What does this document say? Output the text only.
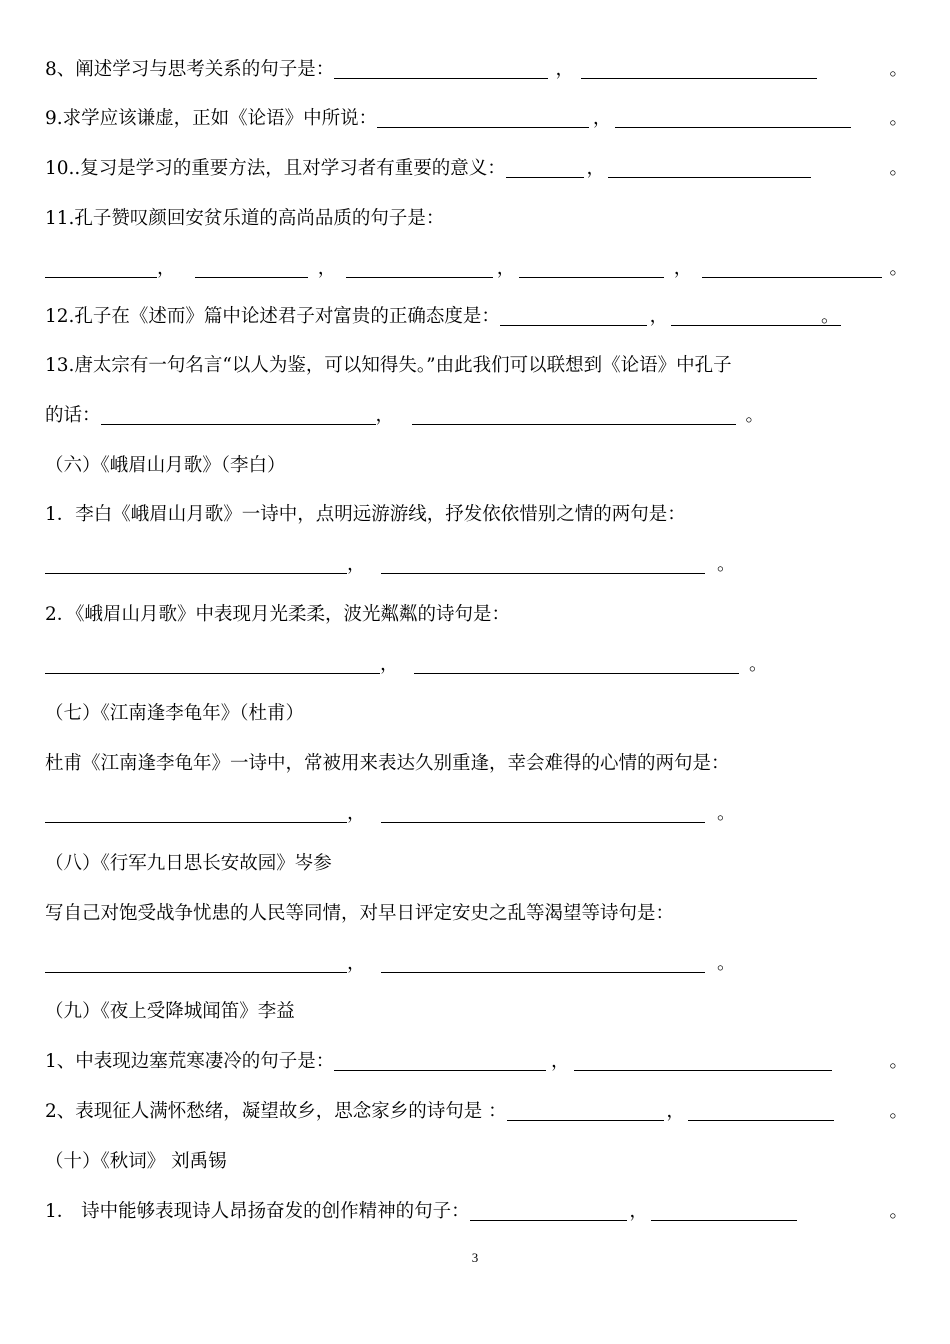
8、阐述学习与思考关系的句子是：	，	。
9.求学应该谦虚，正如《论语》中所说：	，	。
10..复习是学习的重要方法，且对学习者有重要的意义：	，	。
11.孔子赞叹颜回安贫乐道的高尚品质的句子是：
，	，	，	，	。
12.孔子在《述而》篇中论述君子对富贵的正确态度是：	，	。
13.唐太宗有一句名言“以人为鉴，可以知得失。”由此我们可以联想到《论语》中孔子
的话：	，	。
（六）《峨眉山月歌》（李白）
1．李白《峨眉山月歌》一诗中，点明远游游线，抒发依依惜别之情的两句是：
，	。
2．《峨眉山月歌》中表现月光柔柔，波光粼粼的诗句是：
，	。
（七）《江南逢李龟年》（杜甫）
杜甫《江南逢李龟年》一诗中，常被用来表达久别重逢，幸会难得的心情的两句是：
，	。
（八）《行军九日思长安故园》岑参
写自己对饱受战争忧患的人民等同情，对早日评定安史之乱等渴望等诗句是：
，	。
（九）《夜上受降城闻笛》李益
1、中表现边塞荒寒凄冷的句子是：	，	。
2、表现征人满怀愁绪，凝望故乡，思念家乡的诗句是 ：	，	。
（十）《秋词》 刘禹锡
1． 诗中能够表现诗人昂扬奋发的创作精神的句子：	，	。
3
